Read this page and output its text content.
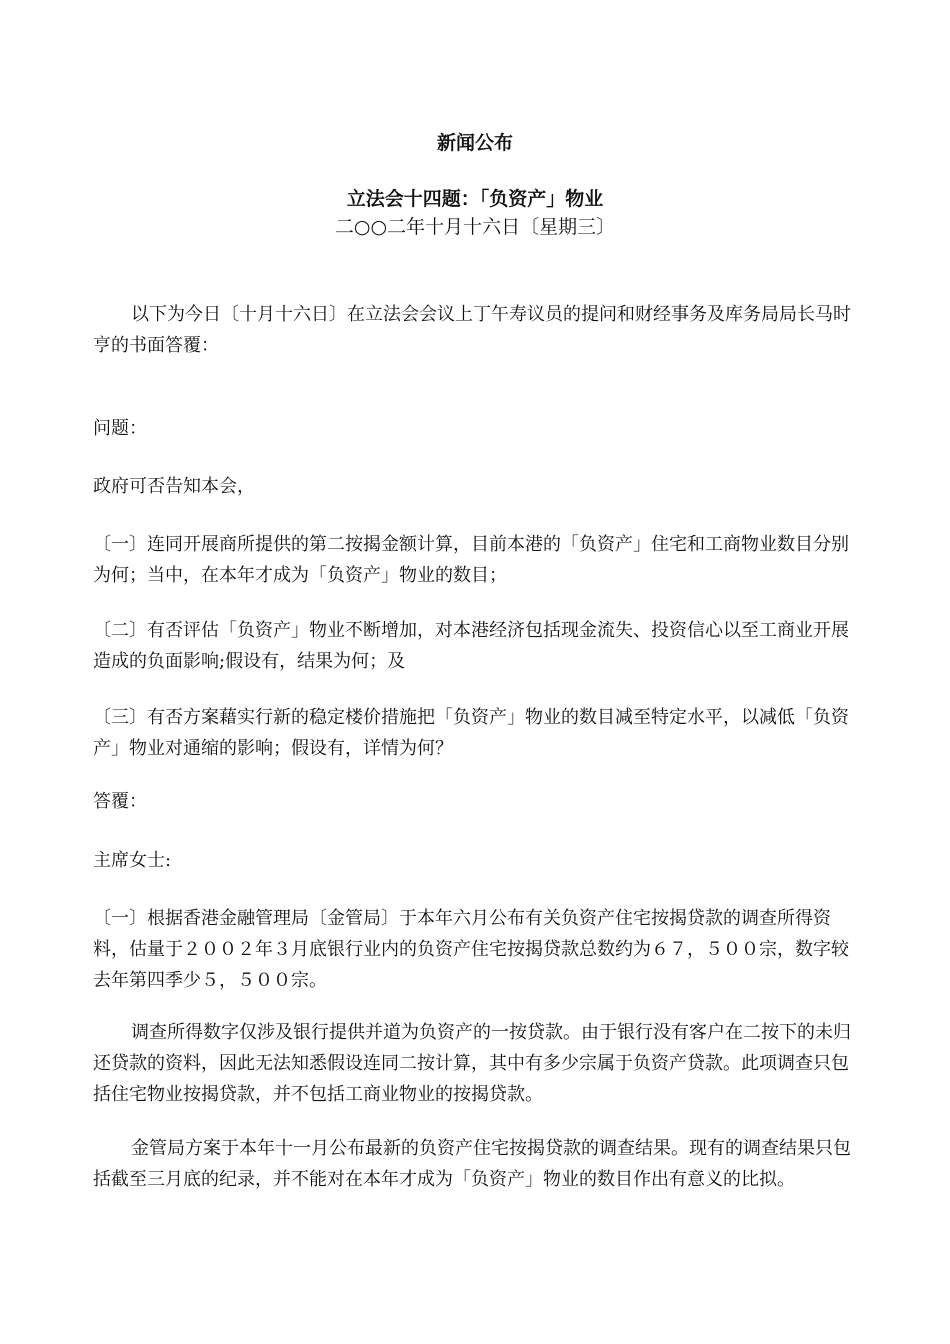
新闻公布
立法会十四题：「负资产」物业
二○○二年十月十六日〔星期三〕

以下为今日〔十月十六日〕在立法会会议上丁午寿议员的提问和财经事务及库务局局长马时亨的书面答覆：

问题：

政府可否告知本会，

〔一〕连同开展商所提供的第二按揭金额计算，目前本港的「负资产」住宅和工商物业数目分别为何；当中，在本年才成为「负资产」物业的数目；

〔二〕有否评估「负资产」物业不断增加，对本港经济包括现金流失、投资信心以至工商业开展造成的负面影响;假设有，结果为何；及

〔三〕有否方案藉实行新的稳定楼价措施把「负资产」物业的数目减至特定水平，以减低「负资产」物业对通缩的影响；假设有，详情为何？

答覆：

主席女士:

〔一〕根据香港金融管理局〔金管局〕于本年六月公布有关负资产住宅按揭贷款的调查所得资料，估量于２００２年３月底银行业内的负资产住宅按揭贷款总数约为６７，５００宗，数字较去年第四季少５，５００宗。

调查所得数字仅涉及银行提供并道为负资产的一按贷款。由于银行没有客户在二按下的未归还贷款的资料，因此无法知悉假设连同二按计算，其中有多少宗属于负资产贷款。此项调查只包括住宅物业按揭贷款，并不包括工商业物业的按揭贷款。

金管局方案于本年十一月公布最新的负资产住宅按揭贷款的调查结果。现有的调查结果只包括截至三月底的纪录，并不能对在本年才成为「负资产」物业的数目作出有意义的比拟。
